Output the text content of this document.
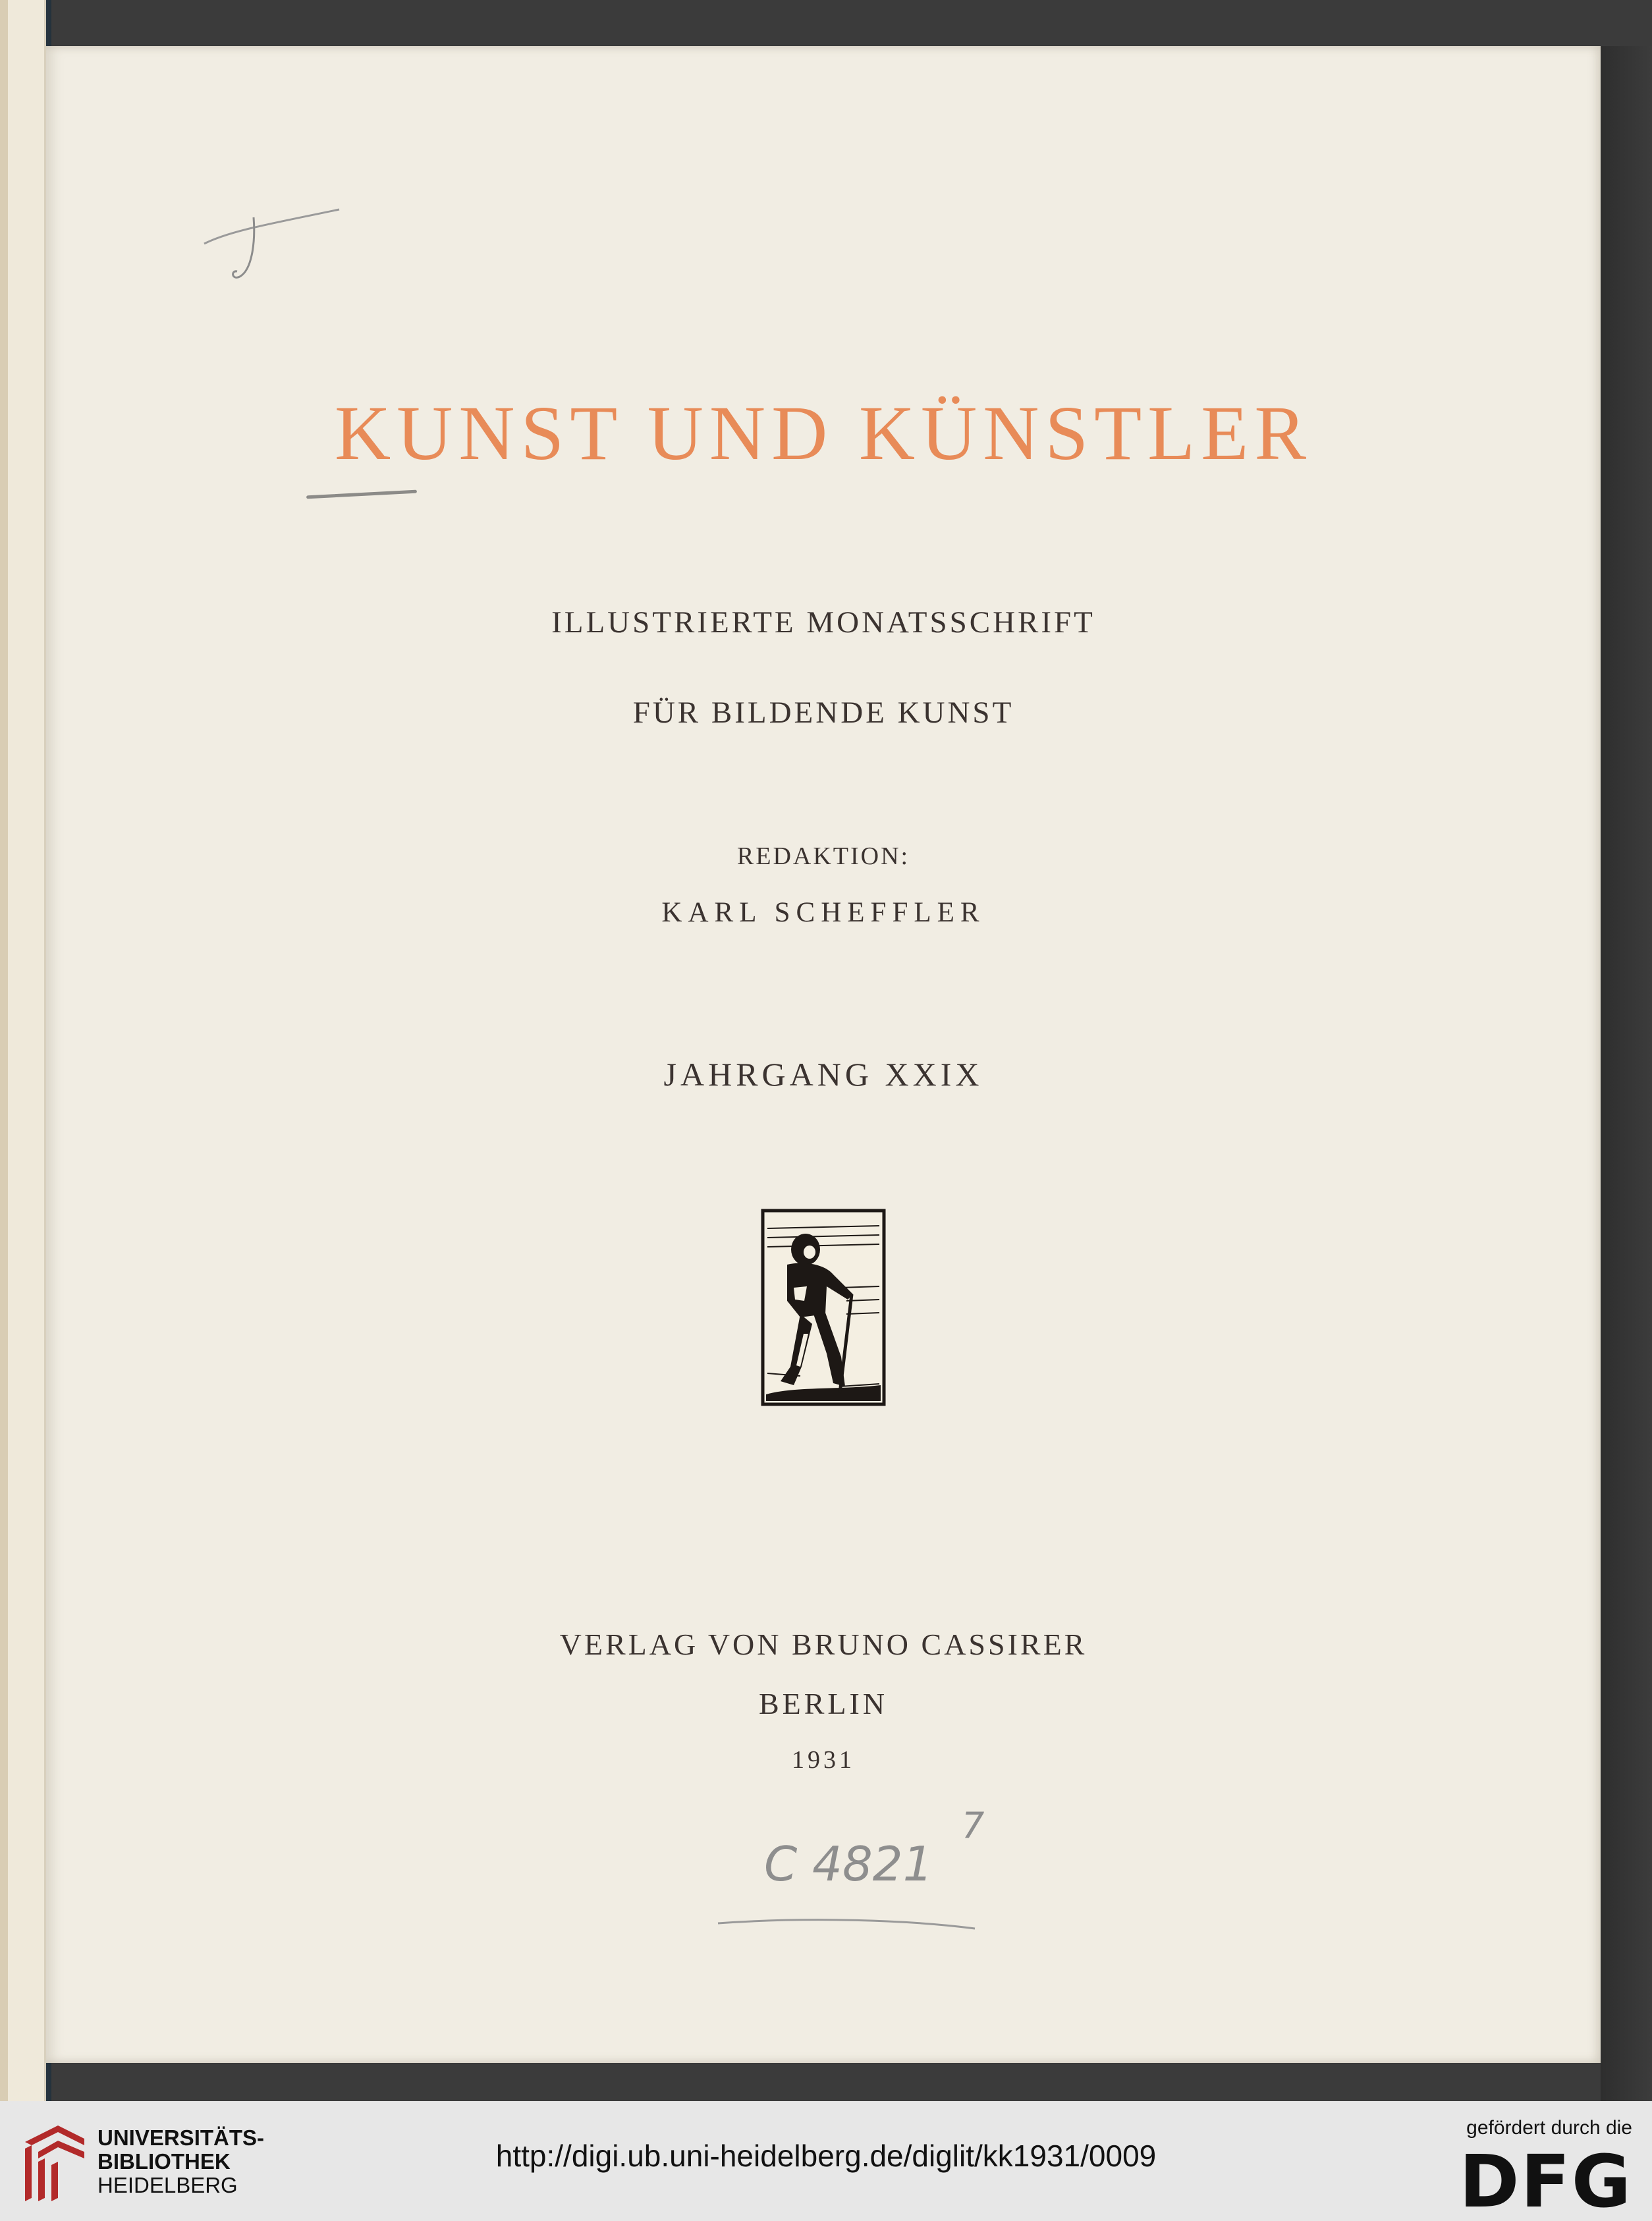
KUNST UND KÜNSTLER
ILLUSTRIERTE MONATSSCHRIFT
FÜR BILDENDE KUNST
REDAKTION:
KARL SCHEFFLER
JAHRGANG XXIX
VERLAG VON BRUNO CASSIRER
BERLIN
1931
C 4821
7
UNIVERSITÄTS-
BIBLIOTHEK
HEIDELBERG
http://digi.ub.uni-heidelberg.de/diglit/kk1931/0009
gefördert durch die
DFG
